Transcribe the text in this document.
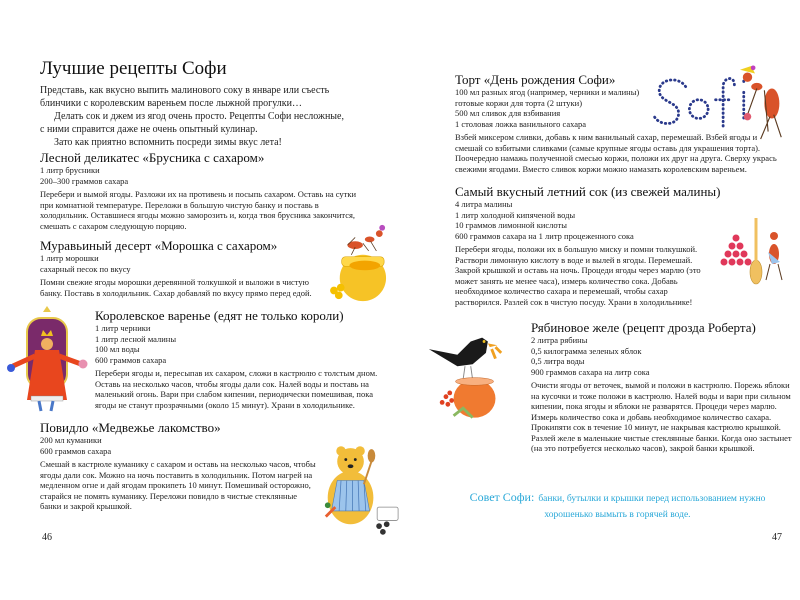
Лучшие рецепты Софи

Представь, как вкусно выпить малинового соку в январе или съесть блинчики с королевским вареньем после лыжной прогулки…

Делать сок и джем из ягод очень просто. Рецепты Софи несложные, с ними справится даже не очень опытный кулинар.

Зато как приятно вспомнить посреди зимы вкус лета!

Лесной деликатес «Брусника с сахаром»
1 литр брусники
200–300 граммов сахара

Перебери и вымой ягоды. Разложи их на противень и посыпь сахаром. Оставь на сутки при комнатной температуре. Переложи в большую чистую банку и поставь в холодильник. Оставшиеся ягоды можно заморозить и, когда твоя брусника закончится, смешать с сахаром следующую порцию.

Муравьиный десерт «Морошка с сахаром»
1 литр морошки
сахарный песок по вкусу

Помни свежие ягоды морошки деревянной толкушкой и выложи в чистую банку. Поставь в холодильник. Сахар добавляй по вкусу прямо перед едой.

Королевское варенье (едят не только короли)
1 литр черники
1 литр лесной малины
100 мл воды
600 граммов сахара

Перебери ягоды и, пересыпав их сахаром, сложи в кастрюлю с толстым дном. Оставь на несколько часов, чтобы ягоды дали сок. Налей воды и поставь на маленький огонь. Вари при слабом кипении, периодически помешивая, пока ягоды не станут прозрачными (около 15 минут). Храни в холодильнике.

Повидло «Медвежье лакомство»
200 мл куманики
600 граммов сахара

Смешай в кастрюле куманику с сахаром и оставь на несколько часов, чтобы ягоды дали сок. Можно на ночь поставить в холодильник. Потом нагрей на медленном огне и дай ягодам прокипеть 10 минут. Помешивай осторожно, старайся не помять куманику. Переложи повидло в чистые стеклянные банки и закрой крышкой.

46
Торт «День рождения Софи»
100 мл разных ягод (например, черники и малины)
готовые коржи для торта (2 штуки)
500 мл сливок для взбивания
1 столовая ложка ванильного сахара

Взбей миксером сливки, добавь к ним ванильный сахар, перемешай. Взбей ягоды и смешай со взбитыми сливками (самые крупные ягоды оставь для украшения торта). Поочередно намажь полученной смесью коржи, положи их друг на друга. Сверху укрась свежими ягодами. Вместо сливок коржи можно намазать королевским вареньем.

Самый вкусный летний сок (из свежей малины)
4 литра малины
1 литр холодной кипяченой воды
10 граммов лимонной кислоты
600 граммов сахара на 1 литр процеженного сока

Перебери ягоды, положи их в большую миску и помни толкушкой. Раствори лимонную кислоту в воде и вылей в ягоды. Перемешай. Закрой крышкой и оставь на ночь. Процеди ягоды через марлю (это может занять не менее часа), измерь количество сока. Добавь необходимое количество сахара и перемешай, чтобы сахар растворился. Разлей сок в чистую посуду. Храни в холодильнике!

Рябиновое желе (рецепт дрозда Роберта)
2 литра рябины
0,5 килограмма зеленых яблок
0,5 литра воды
900 граммов сахара на литр сока

Очисти ягоды от веточек, вымой и положи в кастрюлю. Порежь яблоки на кусочки и тоже положи в кастрюлю. Налей воды и вари при сильном кипении, пока ягоды и яблоки не разварятся. Процеди через марлю. Измерь количество сока и добавь необходимое количество сахара. Прокипяти сок в течение 10 минут, не накрывая кастрюлю крышкой. Разлей желе в маленькие чистые стеклянные банки. Когда оно застынет (на это потребуется несколько часов), закрой банки крышкой.

Совет Софи: банки, бутылки и крышки перед использованием нужно хорошенько вымыть в горячей воде.
47
